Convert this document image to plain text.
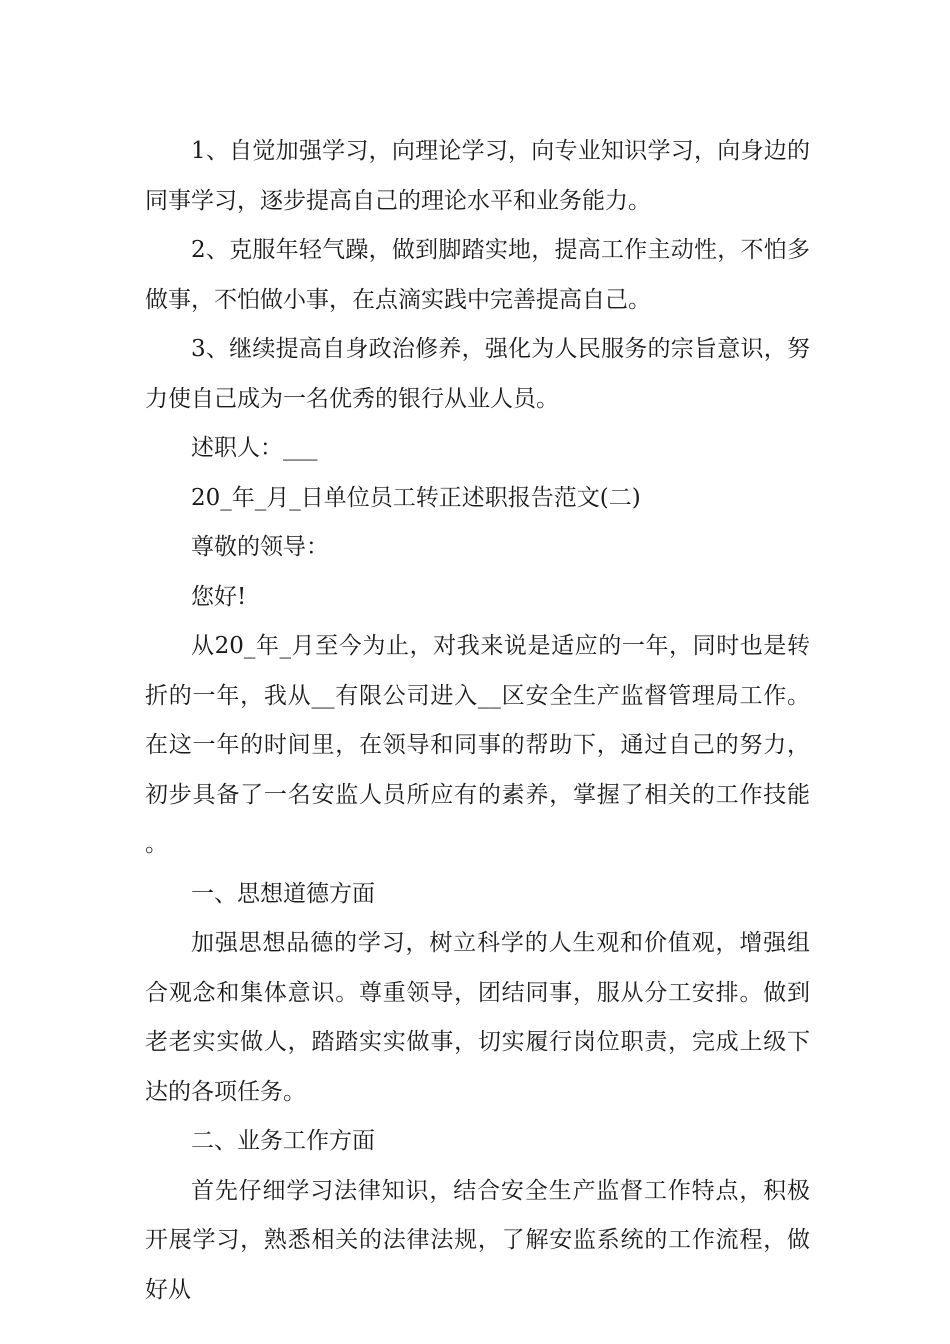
1、自觉加强学习，向理论学习，向专业知识学习，向身边的同事学习，逐步提高自己的理论水平和业务能力。

2、克服年轻气躁，做到脚踏实地，提高工作主动性，不怕多做事，不怕做小事，在点滴实践中完善提高自己。

3、继续提高自身政治修养，强化为人民服务的宗旨意识，努力使自己成为一名优秀的银行从业人员。

述职人：___

20_年_月_日单位员工转正述职报告范文(二)

尊敬的领导：

您好!

从20_年_月至今为止，对我来说是适应的一年，同时也是转折的一年，我从__有限公司进入__区安全生产监督管理局工作。在这一年的时间里，在领导和同事的帮助下，通过自己的努力，初步具备了一名安监人员所应有的素养，掌握了相关的工作技能。

一、思想道德方面

加强思想品德的学习，树立科学的人生观和价值观，增强组合观念和集体意识。尊重领导，团结同事，服从分工安排。做到老老实实做人，踏踏实实做事，切实履行岗位职责，完成上级下达的各项任务。

二、业务工作方面

首先仔细学习法律知识，结合安全生产监督工作特点，积极开展学习，熟悉相关的法律法规，了解安监系统的工作流程，做好从
